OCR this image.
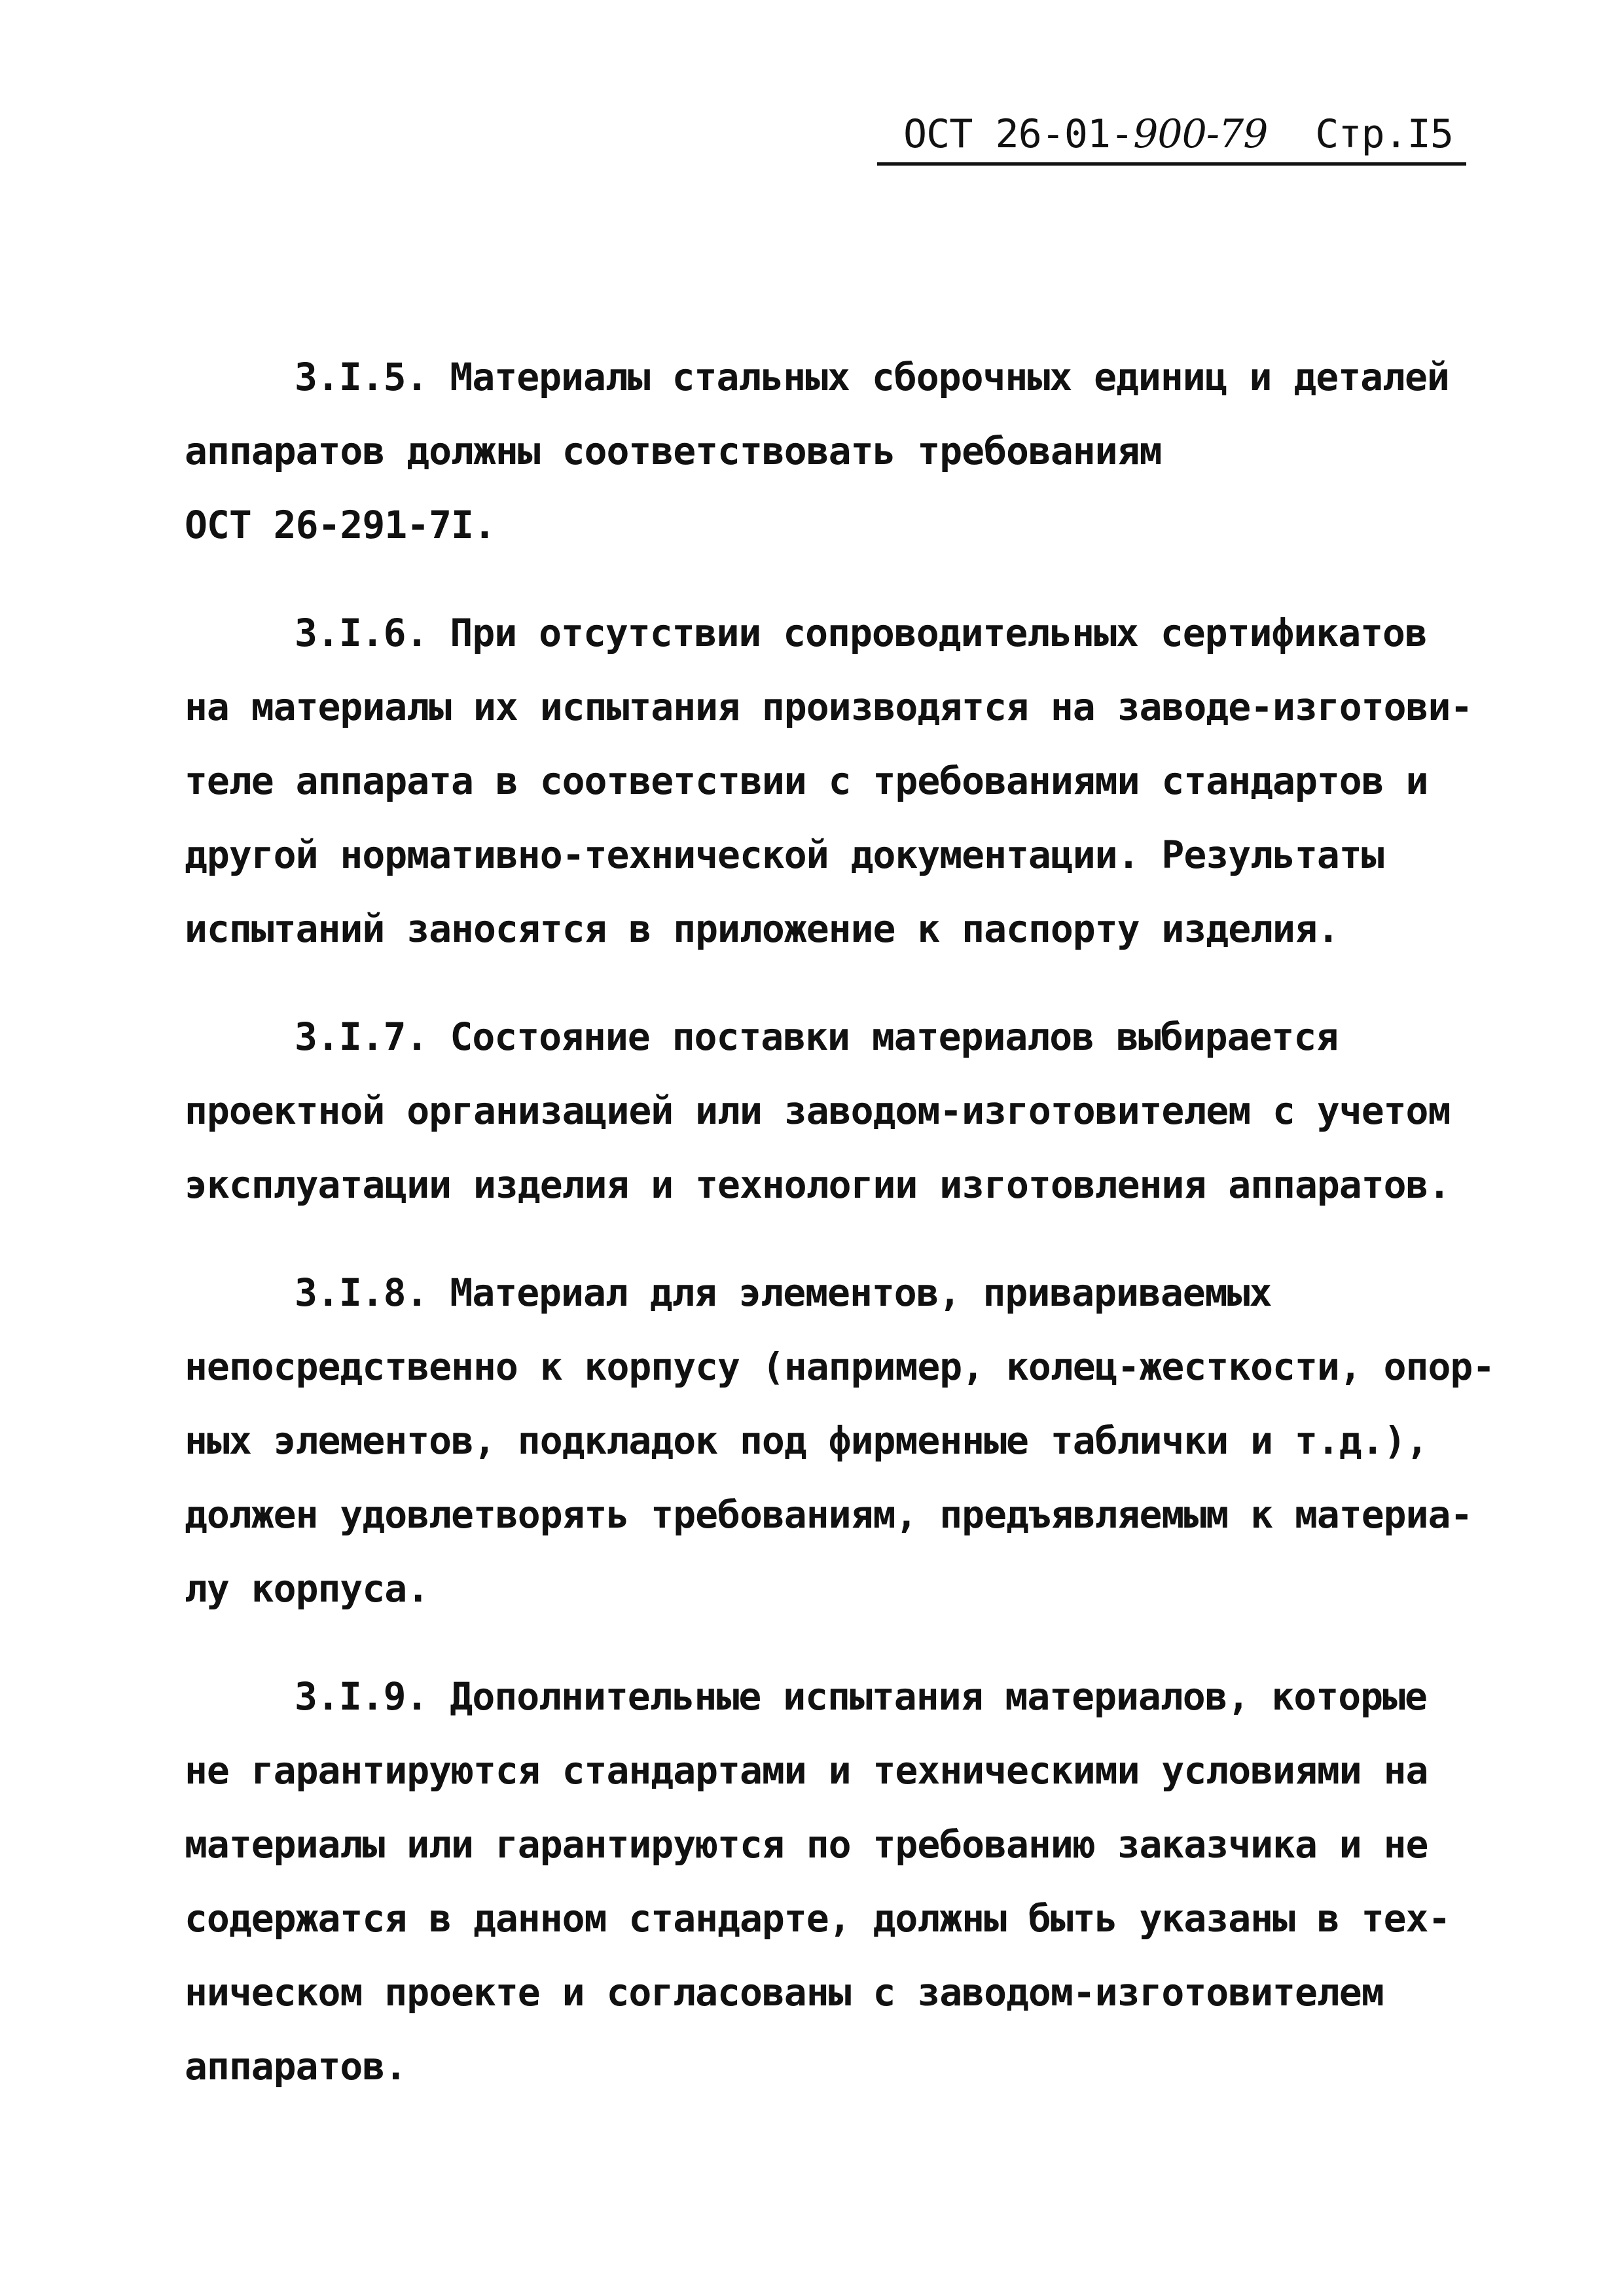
ОСТ 26-01-900-79 Стр.I5

3.I.5. Материалы стальных сборочных единиц и деталей
аппаратов должны соответствовать требованиям
ОСТ 26-291-7I.

3.I.6. При отсутствии сопроводительных сертификатов
на материалы их испытания производятся на заводе-изготови-
теле аппарата в соответствии с требованиями стандартов и
другой нормативно-технической документации. Результаты
испытаний заносятся в приложение к паспорту изделия.

3.I.7. Состояние поставки материалов выбирается
проектной организацией или заводом-изготовителем с учетом
эксплуатации изделия и технологии изготовления аппаратов.

3.I.8. Материал для элементов, привариваемых
непосредственно к корпусу (например, колец-жесткости, опор-
ных элементов, подкладок под фирменные таблички и т.д.),
должен удовлетворять требованиям, предъявляемым к материа-
лу корпуса.

3.I.9. Дополнительные испытания материалов, которые
не гарантируются стандартами и техническими условиями на
материалы или гарантируются по требованию заказчика и не
содержатся в данном стандарте, должны быть указаны в тех-
ническом проекте и согласованы с заводом-изготовителем
аппаратов.
